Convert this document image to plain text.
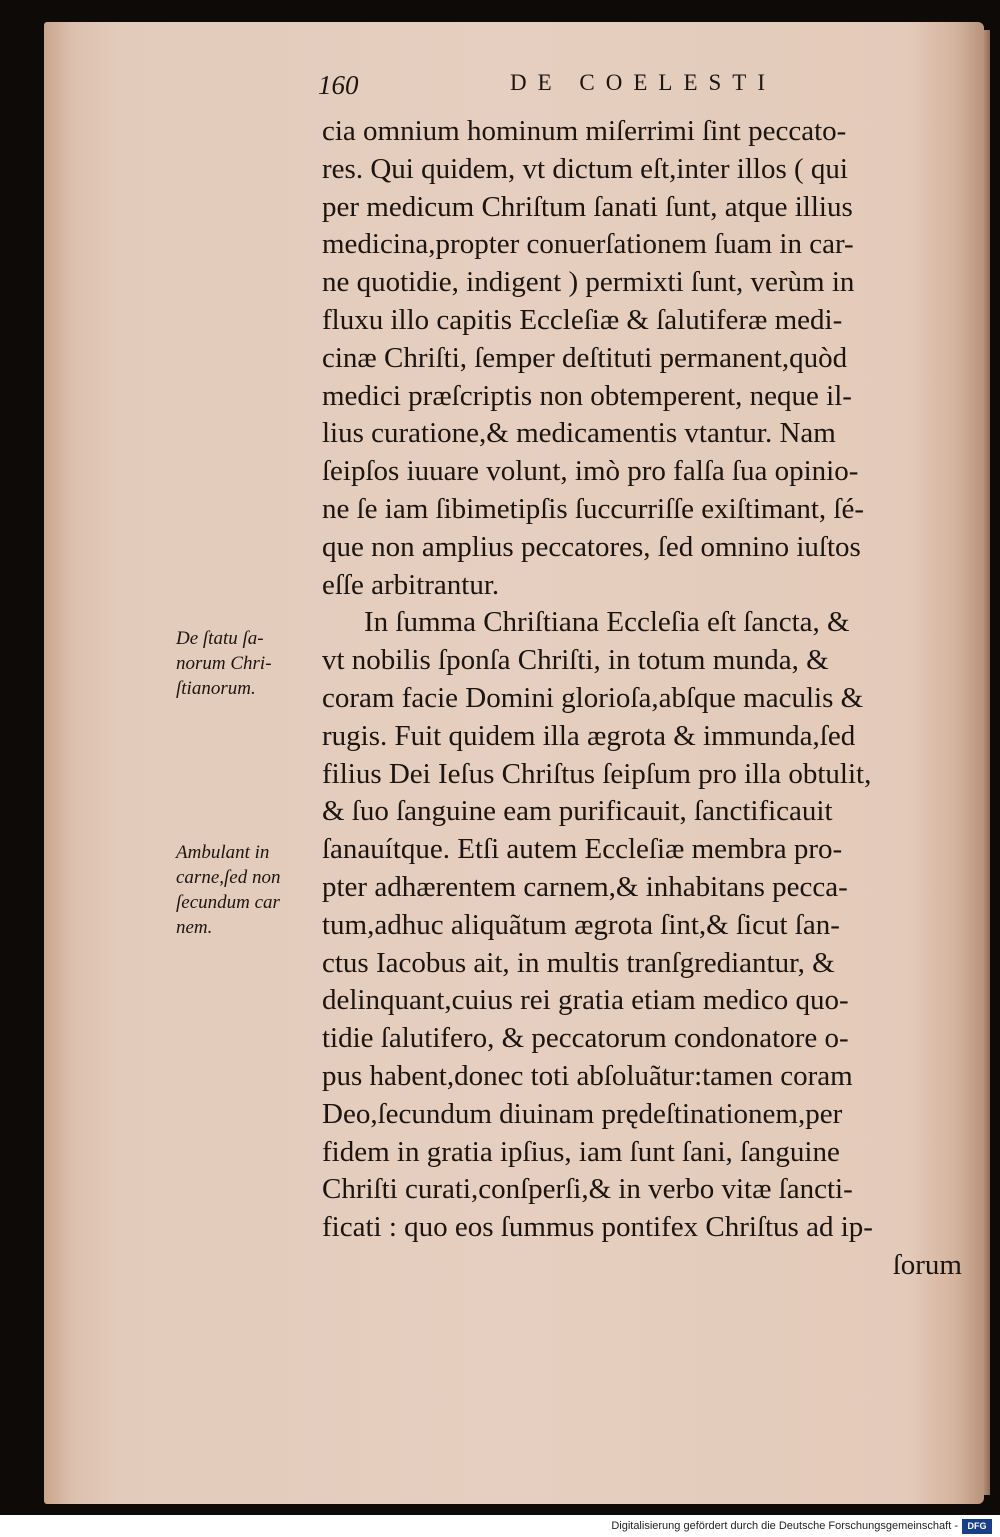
160	DE COELESTI
cia omnium hominum miſerrimi ſint peccato-
res. Qui quidem, vt dictum eſt,inter illos ( qui
per medicum Chriſtum ſanati ſunt, atque illius
medicina,propter conuerſationem ſuam in car-
ne quotidie, indigent ) permixti ſunt, verùm in
fluxu illo capitis Eccleſiæ & ſalutiferæ medi-
cinæ Chriſti, ſemper deſtituti permanent,quòd
medici præſcriptis non obtemperent, neque il-
lius curatione,& medicamentis vtantur. Nam
ſeipſos iuuare volunt, imò pro falſa ſua opinio-
ne ſe iam ſibimetipſis ſuccurriſſe exiſtimant, ſé-
que non amplius peccatores, ſed omnino iuſtos
eſſe arbitrantur.
In ſumma Chriſtiana Eccleſia eſt ſancta, &
vt nobilis ſponſa Chriſti, in totum munda, &
coram facie Domini glorioſa,abſque maculis &
rugis. Fuit quidem illa ægrota & immunda,ſed
filius Dei Ieſus Chriſtus ſeipſum pro illa obtulit,
& ſuo ſanguine eam purificauit, ſanctificauit
ſanauítque. Etſi autem Eccleſiæ membra pro-
pter adhærentem carnem,& inhabitans pecca-
tum,adhuc aliquãtum ægrota ſint,& ſicut ſan-
ctus Iacobus ait, in multis tranſgrediantur, &
delinquant,cuius rei gratia etiam medico quo-
tidie ſalutifero, & peccatorum condonatore o-
pus habent,donec toti abſoluãtur:tamen coram
Deo,ſecundum diuinam prędeſtinationem,per
fidem in gratia ipſius, iam ſunt ſani, ſanguine
Chriſti curati,conſperſi,& in verbo vitæ ſancti-
ficati : quo eos ſummus pontifex Chriſtus ad ip-
ſorum
De ſtatu ſa-
norum Chri-
ſtianorum.
Ambulant in
carne,ſed non
ſecundum car
nem.
Digitalisierung gefördert durch die Deutsche Forschungsgemeinschaft -	DFG
